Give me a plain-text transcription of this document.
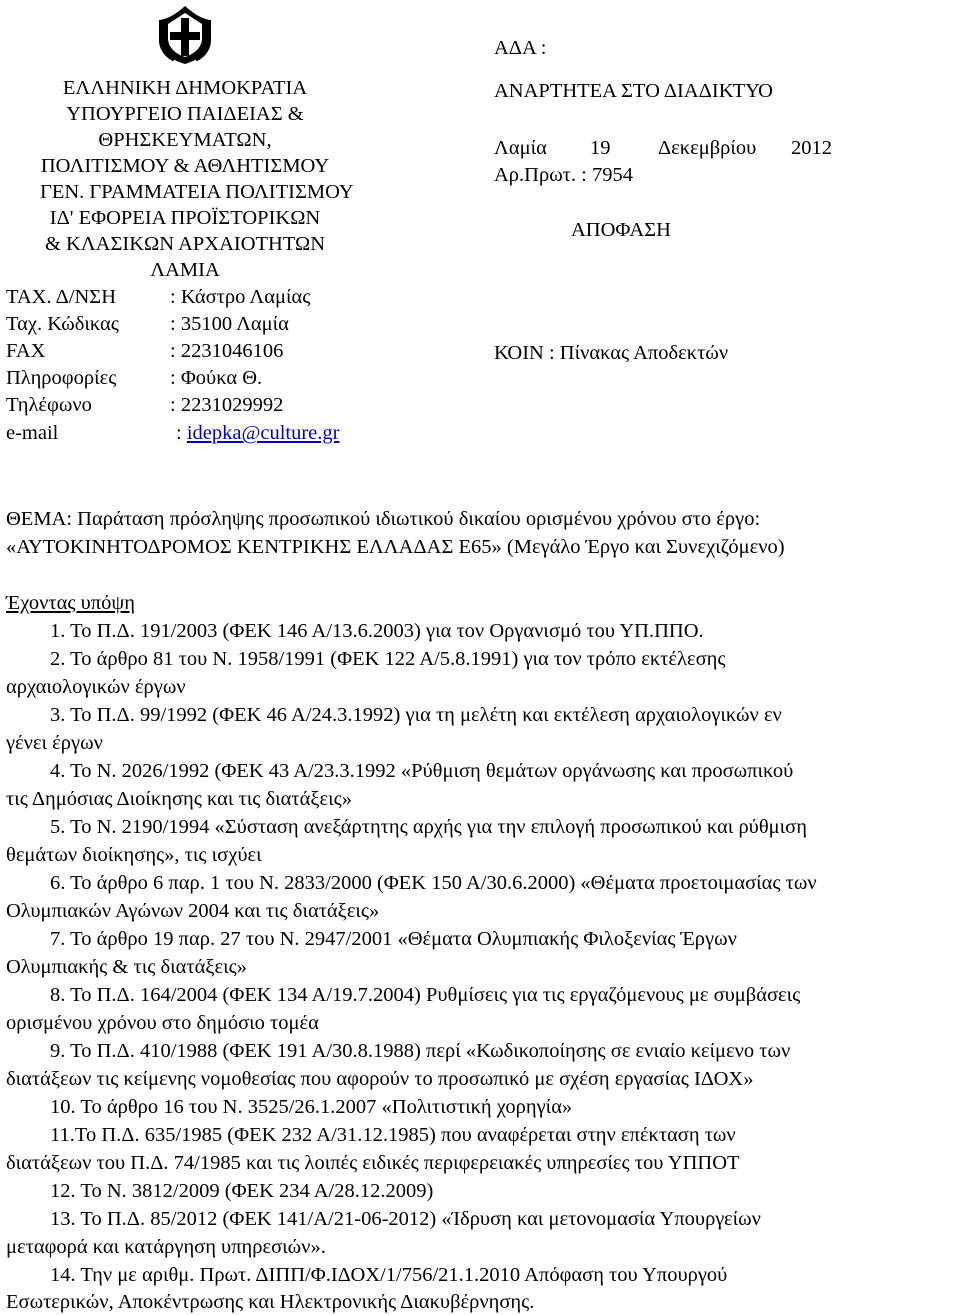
ΕΛΛΗΝΙΚΗ ΔΗΜΟΚΡΑΤΙΑ
ΥΠΟΥΡΓΕΙΟ ΠΑΙΔΕΙΑΣ &
ΘΡΗΣΚΕΥΜΑΤΩΝ,
ΠΟΛΙΤΙΣΜΟΥ & ΑΘΛΗΤΙΣΜΟΥ
ΓΕΝ. ΓΡΑΜΜΑΤΕΙΑ ΠΟΛΙΤΙΣΜΟΥ
ΙΔ' ΕΦΟΡΕΙΑ ΠΡΟΪΣΤΟΡΙΚΩΝ
& ΚΛΑΣΙΚΩΝ ΑΡΧΑΙΟΤΗΤΩΝ
ΛΑΜΙΑ
ΤΑΧ. Δ/ΝΣΗ	: Κάστρο Λαμίας
Ταχ. Κώδικας : 35100 Λαμία
FAX	: 2231046106
Πληροφορίες	: Φούκα Θ.
Τηλέφωνο	: 2231029992
e-mail	: idepka@culture.gr
ΑΔΑ :
ΑΝΑΡΤΗΤΕΑ ΣΤΟ ΔΙΑΔΙΚΤΥΟ
Λαμία 19 Δεκεμβρίου 2012
Αρ.Πρωτ. : 7954
ΑΠΟΦΑΣΗ
ΚΟΙΝ : Πίνακας Αποδεκτών
ΘΕΜΑ: Παράταση πρόσληψης προσωπικού ιδιωτικού δικαίου ορισμένου χρόνου στο έργο:
«ΑΥΤΟΚΙΝΗΤΟΔΡΟΜΟΣ ΚΕΝΤΡΙΚΗΣ ΕΛΛΑΔΑΣ Ε65» (Μεγάλο Έργο και Συνεχιζόμενο)
Έχοντας υπόψη
1. Το Π.Δ. 191/2003 (ΦΕΚ 146 Α/13.6.2003) για τον Οργανισμό του ΥΠ.ΠΠΟ.
2. Το άρθρο 81 του Ν. 1958/1991 (ΦΕΚ 122 Α/5.8.1991) για τον τρόπο εκτέλεσης
αρχαιολογικών έργων
3. Το Π.Δ. 99/1992 (ΦΕΚ 46 Α/24.3.1992) για τη μελέτη και εκτέλεση αρχαιολογικών εν
γένει έργων
4. Το Ν. 2026/1992 (ΦΕΚ 43 Α/23.3.1992 «Ρύθμιση θεμάτων οργάνωσης και προσωπικού
τις Δημόσιας Διοίκησης και τις διατάξεις»
5. Το Ν. 2190/1994 «Σύσταση ανεξάρτητης αρχής για την επιλογή προσωπικού και ρύθμιση
θεμάτων διοίκησης», τις ισχύει
6. Το άρθρο 6 παρ. 1 του Ν. 2833/2000 (ΦΕΚ 150 Α/30.6.2000) «Θέματα προετοιμασίας των
Ολυμπιακών Αγώνων 2004 και τις διατάξεις»
7. Το άρθρο 19 παρ. 27 του Ν. 2947/2001 «Θέματα Ολυμπιακής Φιλοξενίας Έργων
Ολυμπιακής & τις διατάξεις»
8. Το Π.Δ. 164/2004 (ΦΕΚ 134 Α/19.7.2004) Ρυθμίσεις για τις εργαζόμενους με συμβάσεις
ορισμένου χρόνου στο δημόσιο τομέα
9. Το Π.Δ. 410/1988 (ΦΕΚ 191 Α/30.8.1988) περί «Κωδικοποίησης σε ενιαίο κείμενο των
διατάξεων τις κείμενης νομοθεσίας που αφορούν το προσωπικό με σχέση εργασίας ΙΔΟΧ»
10. Το άρθρο 16 του Ν. 3525/26.1.2007 «Πολιτιστική χορηγία»
11.Το Π.Δ. 635/1985 (ΦΕΚ 232 Α/31.12.1985) που αναφέρεται στην επέκταση των
διατάξεων του Π.Δ. 74/1985 και τις λοιπές ειδικές περιφερειακές υπηρεσίες του ΥΠΠΟΤ
12. Το Ν. 3812/2009 (ΦΕΚ 234 Α/28.12.2009)
13. Το Π.Δ. 85/2012 (ΦΕΚ 141/Α/21-06-2012) «Ίδρυση και μετονομασία Υπουργείων
μεταφορά και κατάργηση υπηρεσιών».
14. Την με αριθμ. Πρωτ. ΔΙΠΠ/Φ.ΙΔΟΧ/1/756/21.1.2010 Απόφαση του Υπουργού
Εσωτερικών, Αποκέντρωσης και Ηλεκτρονικής Διακυβέρνησης.
